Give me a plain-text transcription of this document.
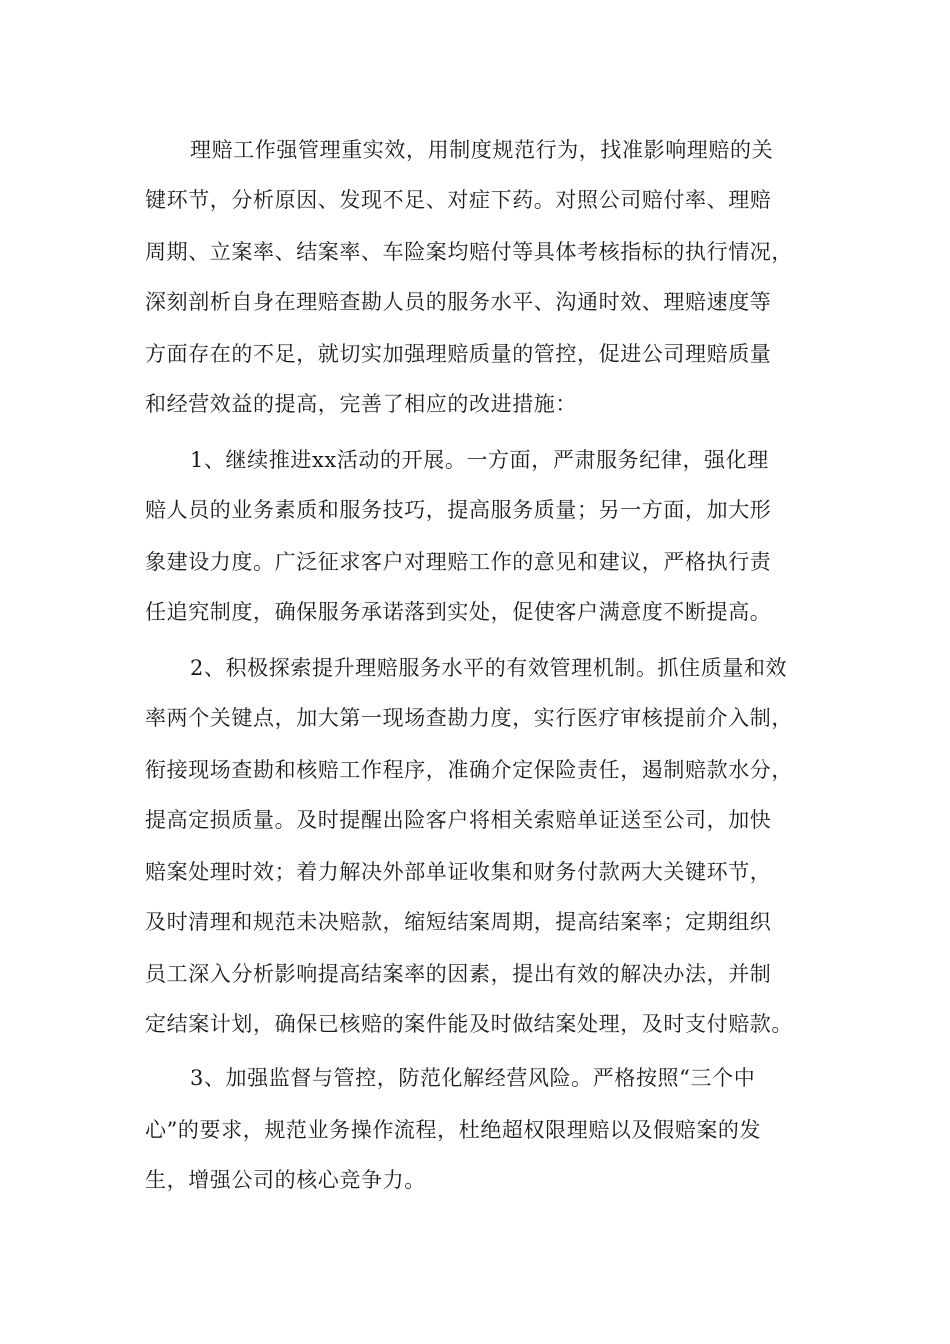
理赔工作强管理重实效，用制度规范行为，找准影响理赔的关
键环节，分析原因、发现不足、对症下药。对照公司赔付率、理赔
周期、立案率、结案率、车险案均赔付等具体考核指标的执行情况，
深刻剖析自身在理赔查勘人员的服务水平、沟通时效、理赔速度等
方面存在的不足，就切实加强理赔质量的管控，促进公司理赔质量
和经营效益的提高，完善了相应的改进措施：
1、继续推进xx活动的开展。一方面，严肃服务纪律，强化理
赔人员的业务素质和服务技巧，提高服务质量；另一方面，加大形
象建设力度。广泛征求客户对理赔工作的意见和建议，严格执行责
任追究制度，确保服务承诺落到实处，促使客户满意度不断提高。
2、积极探索提升理赔服务水平的有效管理机制。抓住质量和效
率两个关键点，加大第一现场查勘力度，实行医疗审核提前介入制，
衔接现场查勘和核赔工作程序，准确介定保险责任，遏制赔款水分，
提高定损质量。及时提醒出险客户将相关索赔单证送至公司，加快
赔案处理时效；着力解决外部单证收集和财务付款两大关键环节，
及时清理和规范未决赔款，缩短结案周期，提高结案率；定期组织
员工深入分析影响提高结案率的因素，提出有效的解决办法，并制
定结案计划，确保已核赔的案件能及时做结案处理，及时支付赔款。
3、加强监督与管控，防范化解经营风险。严格按照“三个中
心”的要求，规范业务操作流程，杜绝超权限理赔以及假赔案的发
生，增强公司的核心竞争力。
